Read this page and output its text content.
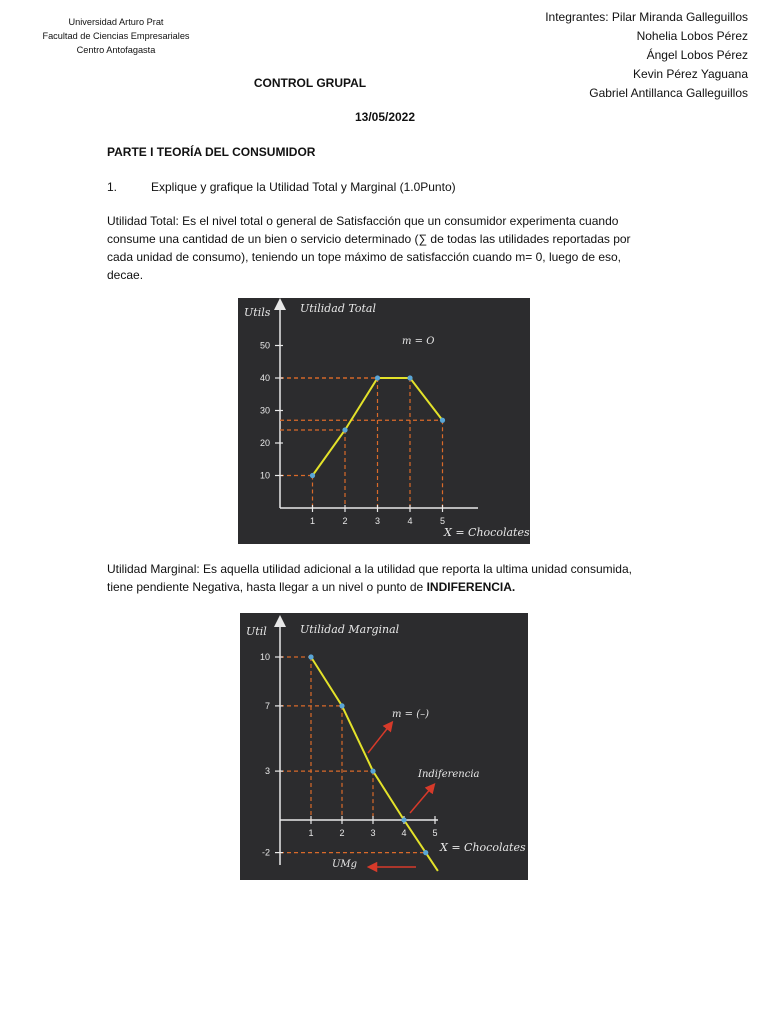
Universidad Arturo Prat
Facultad de Ciencias Empresariales
Centro Antofagasta
Integrantes: Pilar Miranda Galleguillos
Nohelia Lobos Pérez
Ángel Lobos Pérez
Kevin Pérez Yaguana
Gabriel Antillanca Galleguillos
CONTROL GRUPAL
13/05/2022
PARTE I TEORÍA DEL CONSUMIDOR
1.	Explique y grafique la Utilidad Total y Marginal (1.0Punto)
Utilidad Total: Es el nivel total o general de Satisfacción que un consumidor experimenta cuando consume una cantidad de un bien o servicio determinado (∑ de todas las utilidades reportadas por cada unidad de consumo), teniendo un tope máximo de satisfacción cuando m= 0, luego de eso, decae.
Utils	Utilidad Total
m = O
X = Chocolates
10
20
30
40
50
1	2	3	4	5
Utilidad Marginal: Es aquella utilidad adicional a la utilidad que reporta la ultima unidad consumida, tiene pendiente Negativa, hasta llegar a un nivel o punto de INDIFERENCIA.
Util	Utilidad Marginal
m = (–)
Indiferencia
UMg
X = Chocolates
10
7
3
-2
1	2	3	4	5
